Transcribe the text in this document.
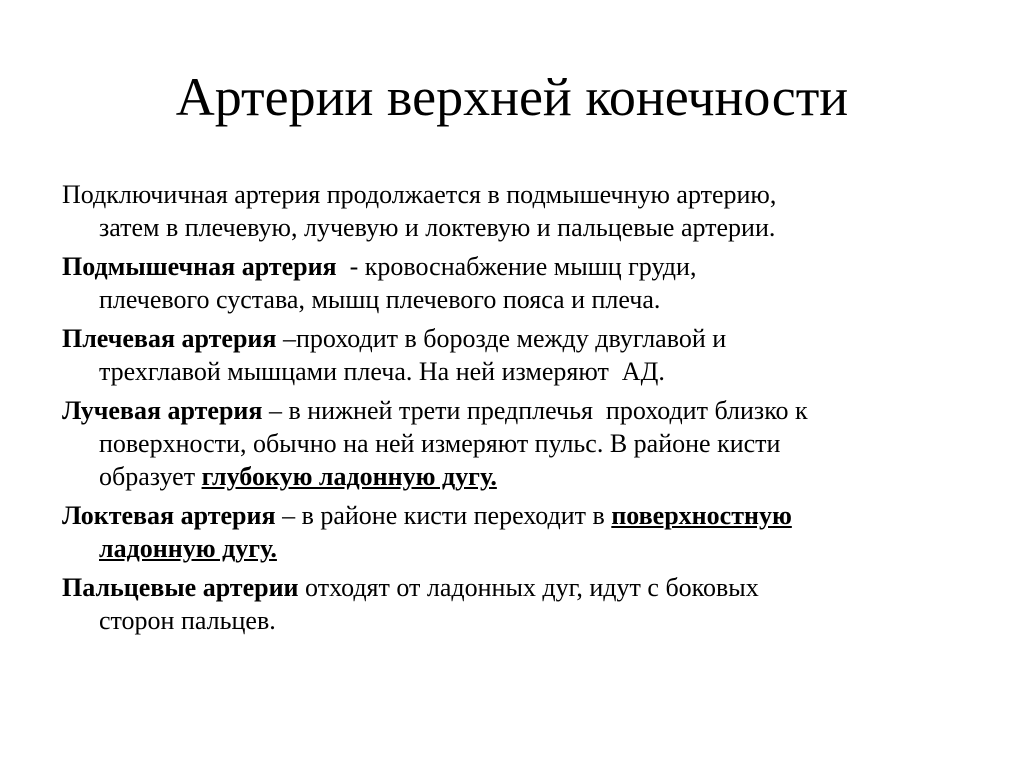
Артерии верхней конечности

Подключичная артерия продолжается в подмышечную артерию,
затем в плечевую, лучевую и локтевую и пальцевые артерии.

Подмышечная артерия  - кровоснабжение мышц груди,
плечевого сустава, мышц плечевого пояса и плеча.

Плечевая артерия –проходит в борозде между двуглавой и
трехглавой мышцами плеча. На ней измеряют  АД.

Лучевая артерия – в нижней трети предплечья  проходит близко к
поверхности, обычно на ней измеряют пульс. В районе кисти
образует глубокую ладонную дугу.

Локтевая артерия – в районе кисти переходит в поверхностную
ладонную дугу.

Пальцевые артерии отходят от ладонных дуг, идут с боковых
сторон пальцев.
